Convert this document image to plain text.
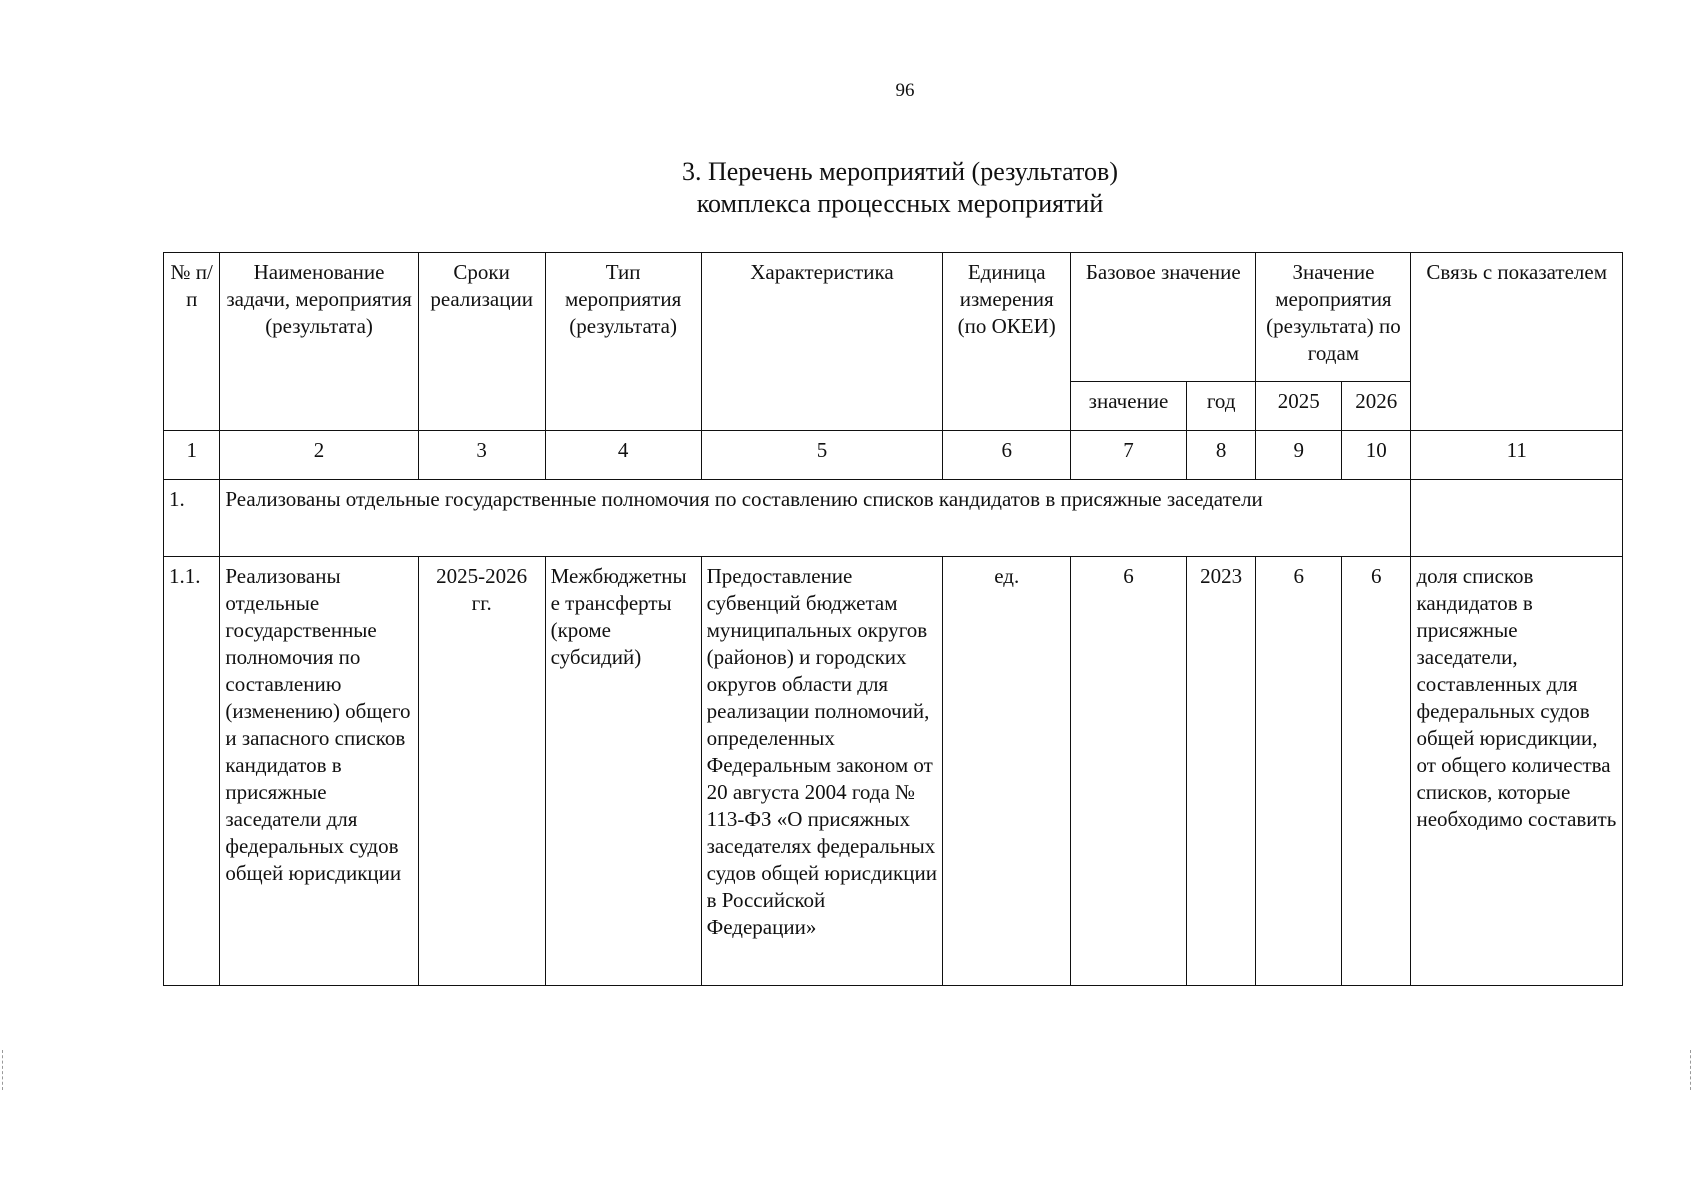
96
3. Перечень мероприятий (результатов)
комплекса процессных мероприятий
№ п/п	Наименование задачи, мероприятия (результата)	Сроки реализации	Тип мероприятия (результата)	Характеристика	Единица измерения (по ОКЕИ)	Базовое значение		Значение мероприятия (результата) по годам		Связь с показателем
						значение	год	2025	2026	
1	2	3	4	5	6	7	8	9	10	11
1.	Реализованы отдельные государственные полномочия по составлению списков кандидатов в присяжные заседатели									
1.1.	Реализованы отдельные государственные полномочия по составлению (изменению) общего и запасного списков кандидатов в присяжные заседатели для федеральных судов общей юрисдикции	2025-2026 гг.	Межбюджетные трансферты (кроме субсидий)	Предоставление субвенций бюджетам муниципальных округов (районов) и городских округов области для реализации полномочий, определенных Федеральным законом от 20 августа 2004 года № 113-ФЗ «О присяжных заседателях федеральных судов общей юрисдикции в Российской Федерации»	ед.	6	2023	6	6	доля списков кандидатов в присяжные заседатели, составленных для федеральных судов общей юрисдикции, от общего количества списков, которые необходимо составить
